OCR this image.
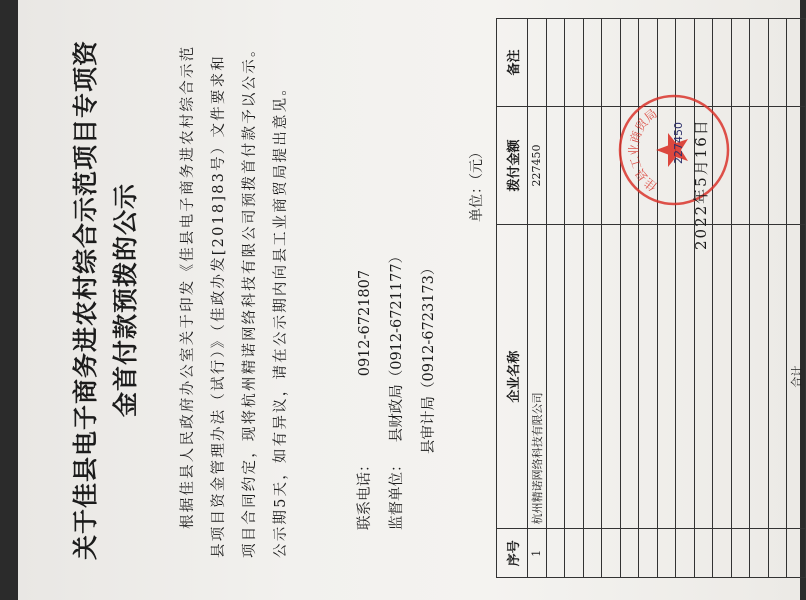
关于佳县电子商务进农村综合示范项目专项资金首付款预拨的公示	根据佳县人民政府办公室关于印发《佳县电子商务进农村综合示范县项目资金管理办法（试行）》（佳政办发[2018]83号）文件要求和项目合同约定，现将杭州精诺网络科技有限公司预拨首付款予以公示。公示期5天，如有异议，请在公示期内向县工业商贸局提出意见。	联系电话：  0912-6721807
监督单位：  县财政局（0912-6721177） 县审计局（0912-6723173）
单位：（元）
序号	企业名称	拨付金额	备注
1	杭州精诺网络科技有限公司	227450	

	合计		
佳县工业商贸局
227450 2022年5月16日
